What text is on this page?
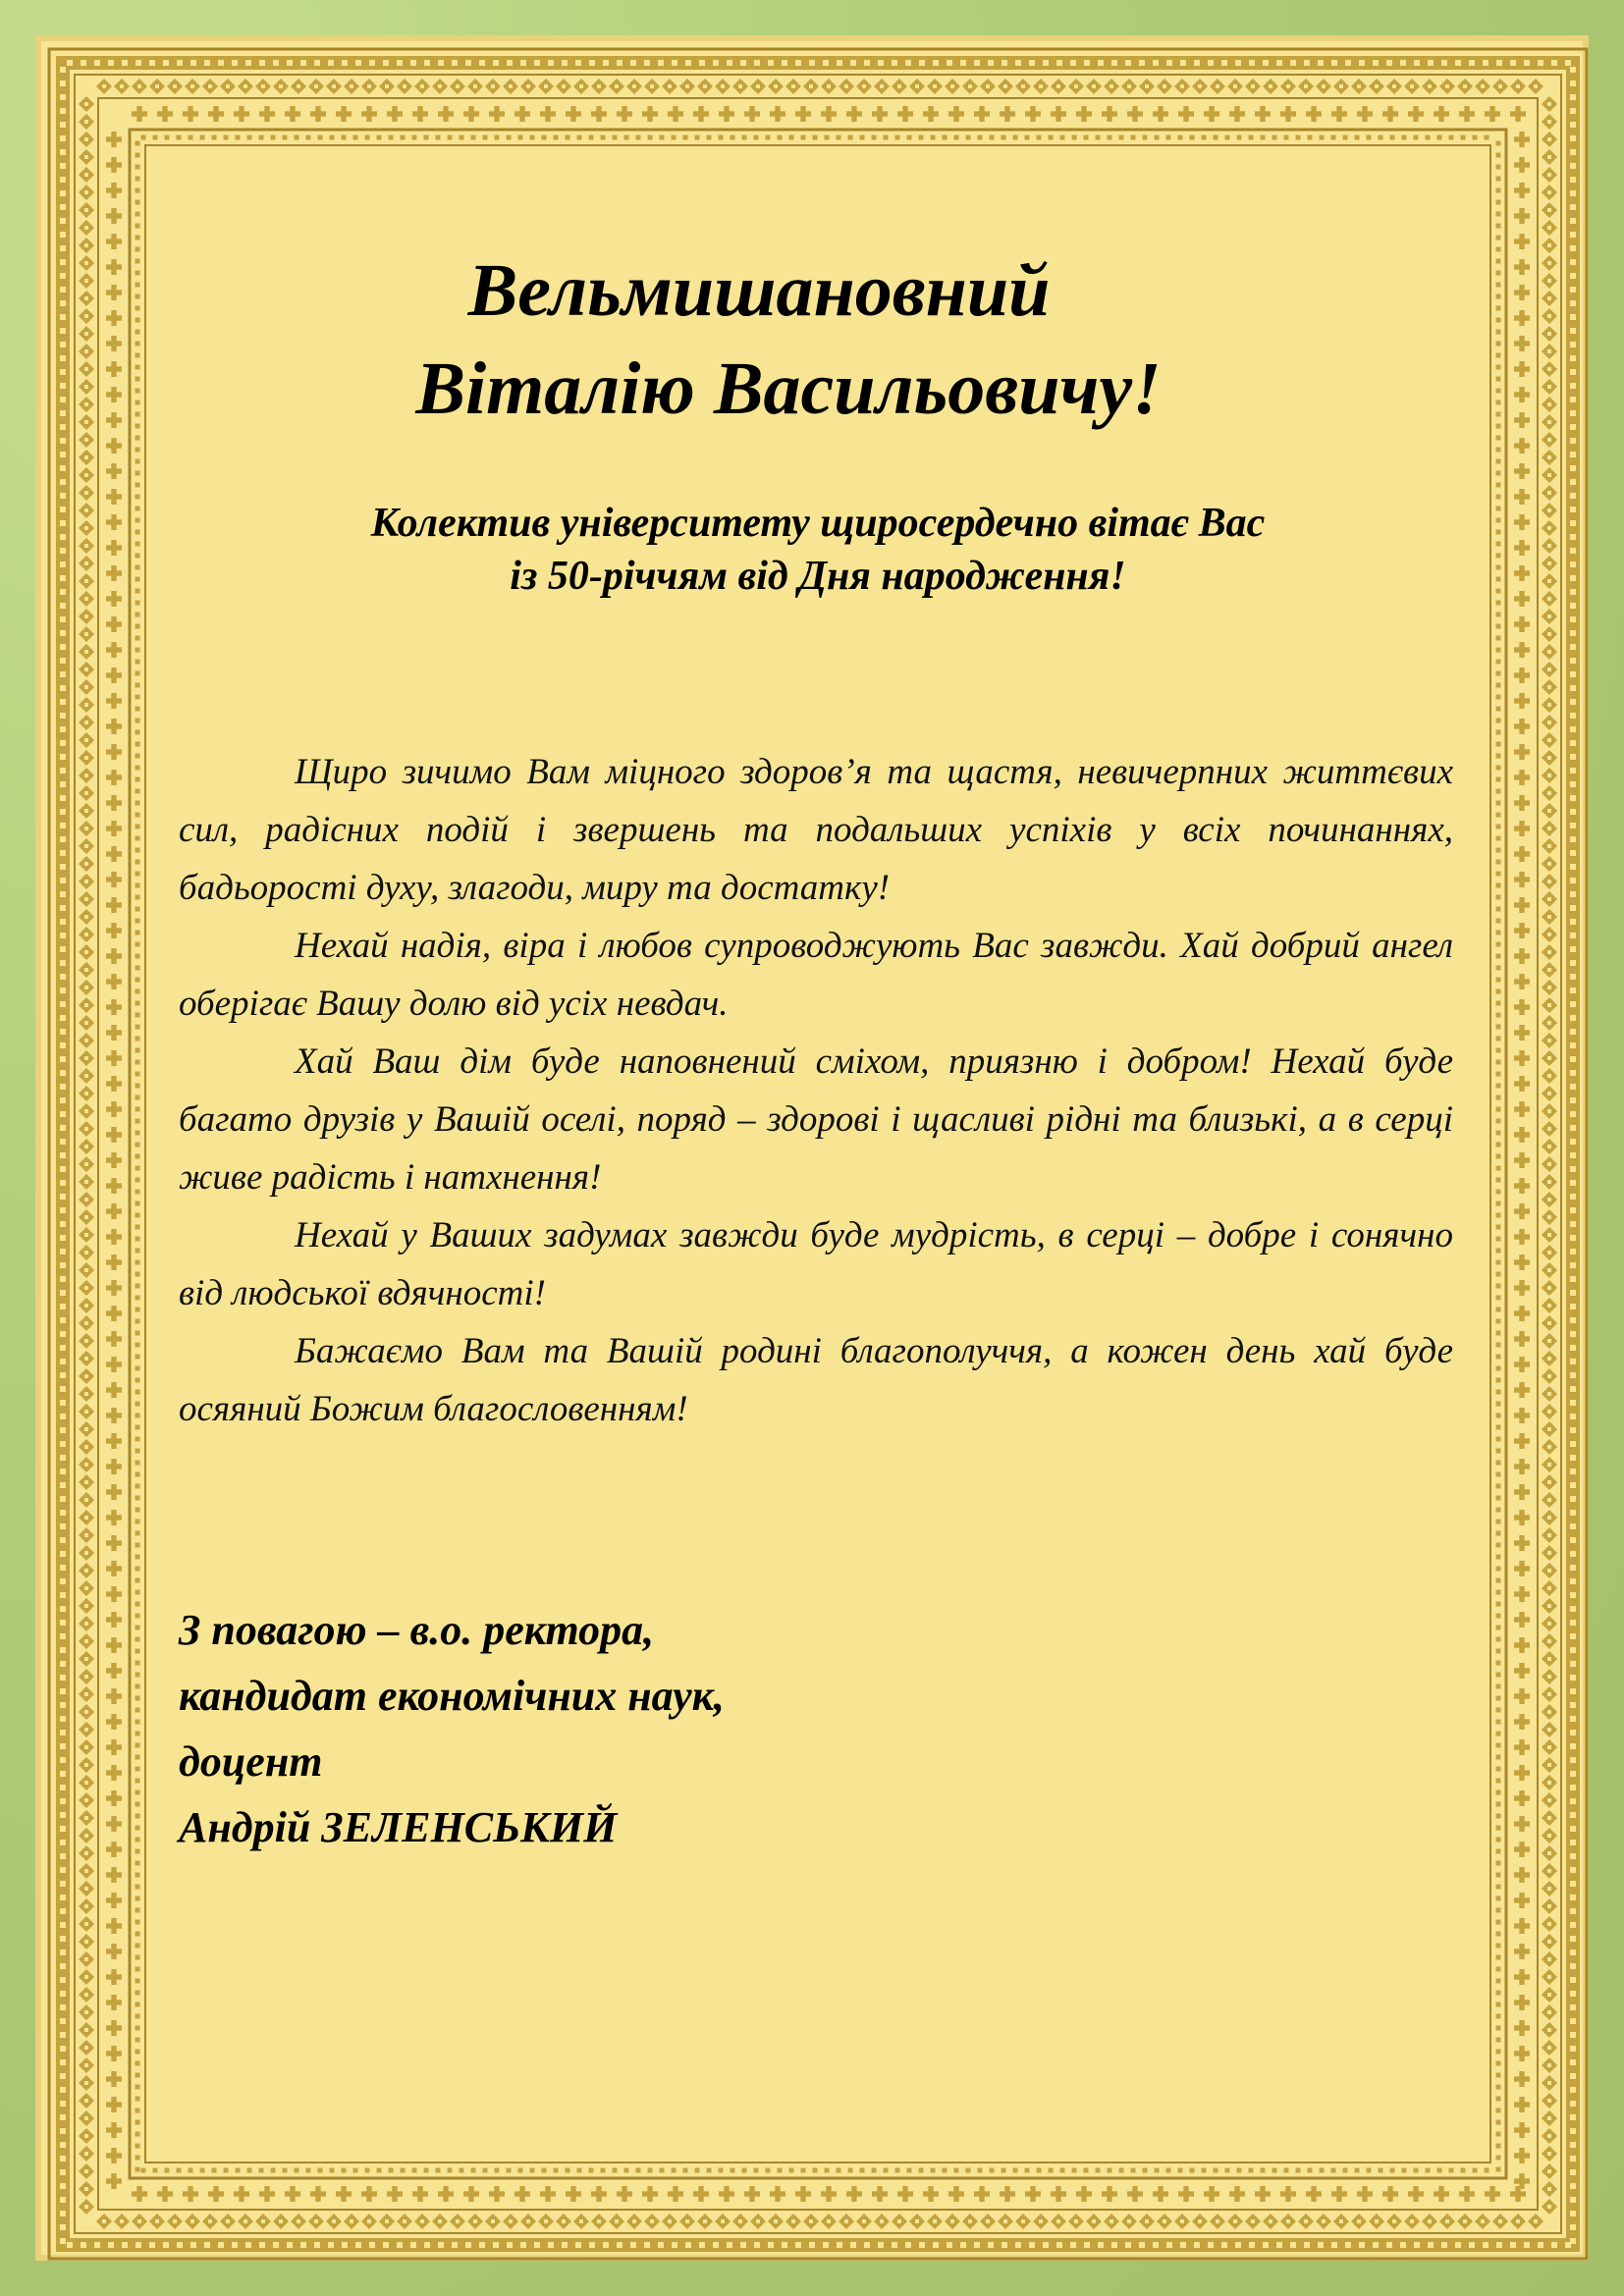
Вельмишановний
Віталію Васильовичу!
Колектив університету щиросердечно вітає Вас
із 50-річчям від Дня народження!

Щиро зичимо Вам міцного здоров’я та щастя, невичерпних життєвих сил, радісних подій і звершень та подальших успіхів у всіх починаннях, бадьорості духу, злагоди, миру та достатку!

Нехай надія, віра і любов супроводжують Вас завжди. Хай добрий ангел оберігає Вашу долю від усіх невдач.

Хай Ваш дім буде наповнений сміхом, приязню і добром! Нехай буде багато друзів у Вашій оселі, поряд – здорові і щасливі рідні та близькі, а в серці живе радість і натхнення!

Нехай у Ваших задумах завжди буде мудрість, в серці – добре і сонячно від людської вдячності!

Бажаємо Вам та Вашій родині благополуччя, а кожен день хай буде осяяний Божим благословенням!

З повагою – в.о. ректора,
кандидат економічних наук,
доцент
Андрій ЗЕЛЕНСЬКИЙ
